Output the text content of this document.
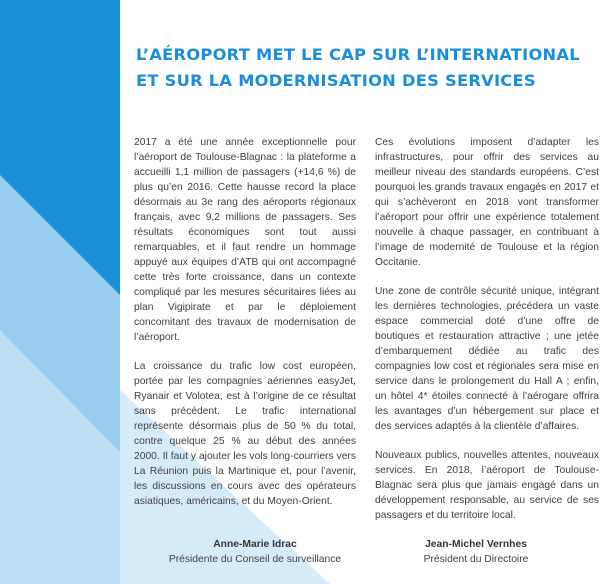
L’AÉROPORT MET LE CAP SUR L’INTERNATIONAL
ET SUR LA MODERNISATION DES SERVICES

2017 a été une année exceptionnelle pour l’aéroport de Toulouse-Blagnac : la plateforme a accueilli 1,1 million de passagers (+14,6 %) de plus qu’en 2016. Cette hausse record la place désormais au 3e rang des aéroports régionaux français, avec 9,2 millions de passagers. Ses résultats économiques sont tout aussi remarquables, et il faut rendre un hommage appuyé aux équipes d’ATB qui ont accompagné cette très forte croissance, dans un contexte compliqué par les mesures sécuritaires liées au plan Vigipirate et par le déploiement concomitant des travaux de modernisation de l’aéroport.

La croissance du trafic low cost européen, portée par les compagnies aériennes easyJet, Ryanair et Volotea, est à l’origine de ce résultat sans précédent. Le trafic international représente désormais plus de 50 % du total, contre quelque 25 % au début des années 2000. Il faut y ajouter les vols long-courriers vers La Réunion puis la Martinique et, pour l’avenir, les discussions en cours avec des opérateurs asiatiques, américains, et du Moyen-Orient.

Ces évolutions imposent d’adapter les infrastructures, pour offrir des services au meilleur niveau des standards européens. C’est pourquoi les grands travaux engagés en 2017 et qui s’achèveront en 2018 vont transformer l’aéroport pour offrir une expérience totalement nouvelle à chaque passager, en contribuant à l’image de modernité de Toulouse et la région Occitanie.

Une zone de contrôle sécurité unique, intégrant les dernières technologies, précédera un vaste espace commercial doté d’une offre de boutiques et restauration attractive ; une jetée d’embarquement dédiée au trafic des compagnies low cost et régionales sera mise en service dans le prolongement du Hall A ; enfin, un hôtel 4* étoiles connecté à l’aérogare offrira les avantages d’un hébergement sur place et des services adaptés à la clientèle d’affaires.

Nouveaux publics, nouvelles attentes, nouveaux services. En 2018, l’aéroport de Toulouse-Blagnac sera plus que jamais engagé dans un développement responsable, au service de ses passagers et du territoire local.

Anne-Marie Idrac
Présidente du Conseil de surveillance
Jean-Michel Vernhes
Président du Directoire
